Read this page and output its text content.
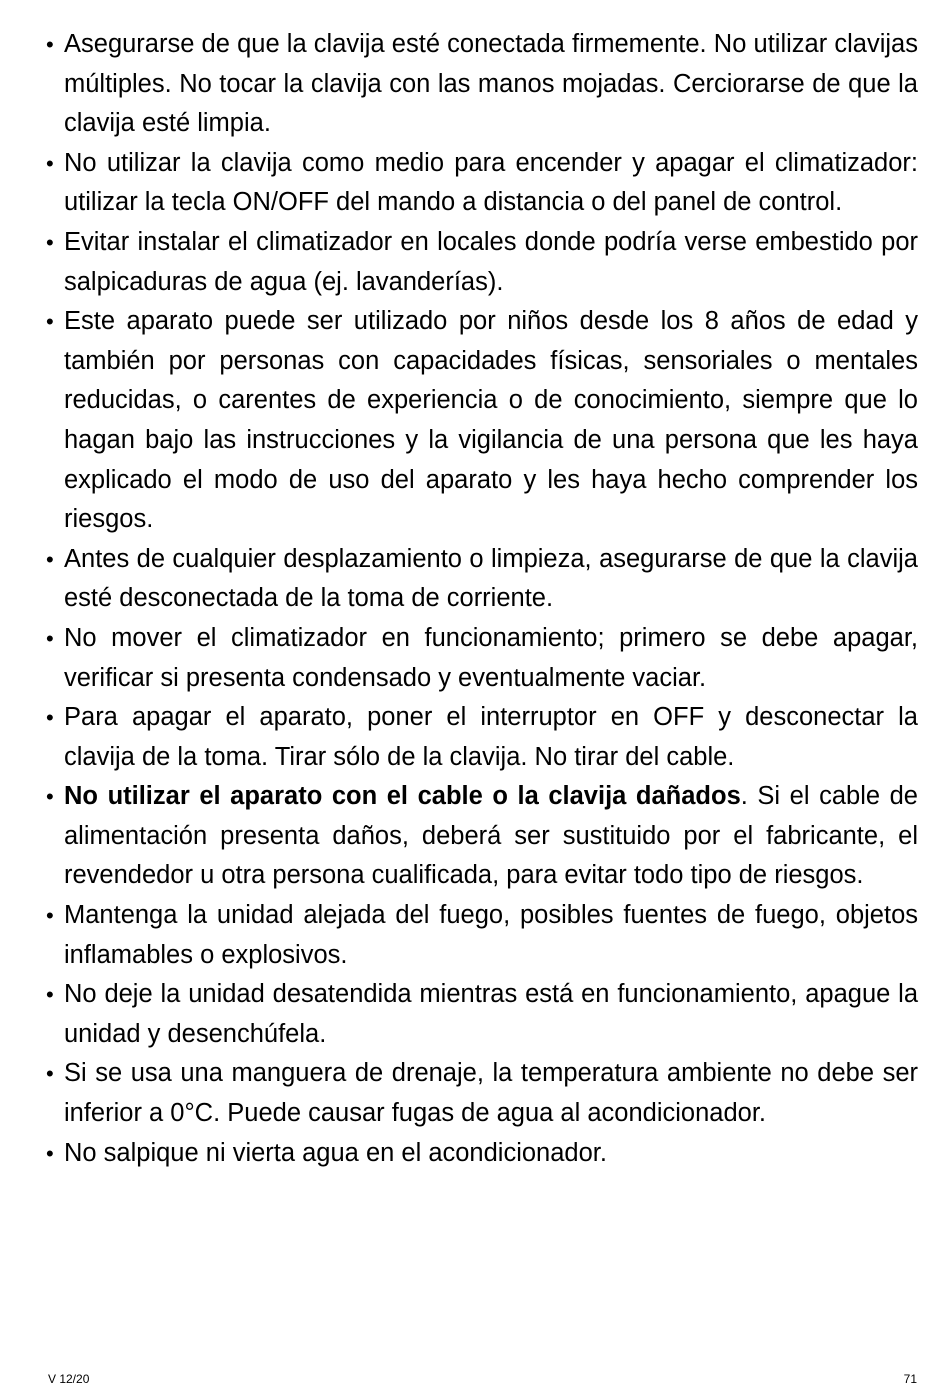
• Asegurarse de que la clavija esté conectada firmemente. No utilizar clavijas múltiples. No tocar la clavija con las manos mojadas. Cerciorarse de que la clavija esté limpia.
• No utilizar la clavija como medio para encender y apagar el climatizador: utilizar la tecla ON/OFF del mando a distancia o del panel de control.
• Evitar instalar el climatizador en locales donde podría verse embestido por salpicaduras de agua (ej. lavanderías).
• Este aparato puede ser utilizado por niños desde los 8 años de edad y también por personas con capacidades físicas, sensoriales o mentales reducidas, o carentes de experiencia o de conocimiento, siempre que lo hagan bajo las instrucciones y la vigilancia de una persona que les haya explicado el modo de uso del aparato y les haya hecho comprender los riesgos.
• Antes de cualquier desplazamiento o limpieza, asegurarse de que la clavija esté desconectada de la toma de corriente.
• No mover el climatizador en funcionamiento; primero se debe apagar, verificar si presenta condensado y eventualmente vaciar.
• Para apagar el aparato, poner el interruptor en OFF y desconectar la clavija de la toma. Tirar sólo de la clavija. No tirar del cable.
• No utilizar el aparato con el cable o la clavija dañados. Si el cable de alimentación presenta daños, deberá ser sustituido por el fabricante, el revendedor u otra persona cualificada, para evitar todo tipo de riesgos.
• Mantenga la unidad alejada del fuego, posibles fuentes de fuego, objetos inflamables o explosivos.
• No deje la unidad desatendida mientras está en funcionamiento, apague la unidad y desenchúfela.
• Si se usa una manguera de drenaje, la temperatura ambiente no debe ser inferior a 0°C. Puede causar fugas de agua al acondicionador.
• No salpique ni vierta agua en el acondicionador.
V 12/20	71
